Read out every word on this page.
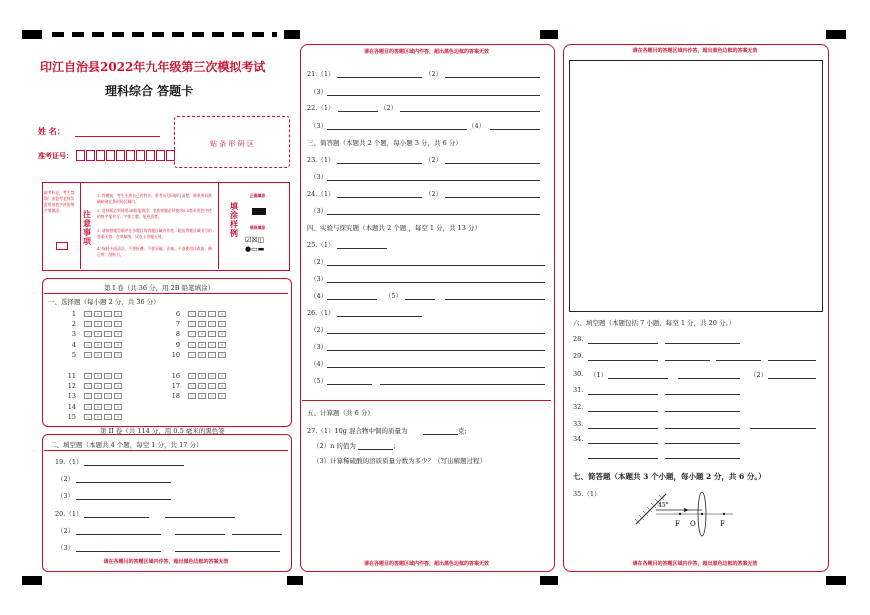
印江自治县2022年九年级第三次模拟考试
理科综合 答题卡
姓 名：
准考证号：
贴 条 形 码 区
缺考标记，考生禁填！由监考老师负责用黑色字迹的签字笔填涂。	注意事项
1. 答题前，考生先将自己的姓名、准考证号码填写清楚，将条形码准确粘贴在条形码区域内。
2. 选择题必须使用2B铅笔填涂；非选择题必须使用0.5毫米黑色字迹的签字笔书写，字体工整、笔迹清楚。
3. 请按照题号顺序在各题目的答题区域内作答，超出答题区域书写的答案无效；在草稿纸、试卷上答题无效。
4. 保持卡面清洁，不要折叠、不要弄破、弄皱，不准使用涂改液、修正带、刮纸刀。
填涂样例
正确填涂
错误填涂
☑☒◫
●▭▬
第 I 卷（共 36 分，用 2B 铅笔填涂）
一、选择题（每小题 2 分，共 36 分）
1	A	B	C	D
2	A	B	C	D
3	A	B	C	D
4	A	B	C	D
5	A	B	C	D
11	A	B	C	D
12	A	B	C	D
13	A	B	C	D
14	A	B	C	D
15	A	B	C	D
6	A	B	C	D
7	A	B	C	D
8	A	B	C	D
9	A	B	C	D
10	A	B	C	D
16	A	B	C	D
17	A	B	C	D
18	A	B	C	D
第 II 卷（共 114 分，用 0.5 毫米的黑色签
二、填空题（本题共 4 个题，每空 1 分，共 17 分）
19.（1）
（2）
（3）
20.（1）
（2）
（3）
请在各题目的答题区域内作答，超出黑色边框的答案无效
请在各题目的答题区域内作答，超出黑色边框的答案无效
请在各题目的答题区域内作答，超出黑色边框的答案无效
21.（1）	（2）
（3）
22.（1）	（2）
（3）	（4）
三、简答题（本题共 2 个题，每小题 3 分，共 6 分）
23.（1）	（2）
（3）
24.（1）	（2）
（3）
四、实验与探究题（本题共 2 个题 ，每空 1 分，共 13 分）
25.（1）
（2）
（3）
（4）	（5）
26.（1）
（2）
（3）
（4）
（5）
五、计算题（共 6 分）
27.（1）10g 混合物中铜的质量为	克;
（2）n 的值为	；
（3）计算稀硫酸的溶质质量分数为多少？（写出解题过程）
请在各题目的答题区域内作答，超出黑色边框的答案无效
请在各题目的答题区域内作答，超出黑色边框的答案无效
六、填空题（本题包括 7 小题，每空 1 分，共 20 分。）
28.
29.
30. （1）	（2）
31.
32.
33.
34.
七、简答题（本题共 3 个小题，每小题 2 分，共 6 分。）
35.（1）
45°
F O	F
